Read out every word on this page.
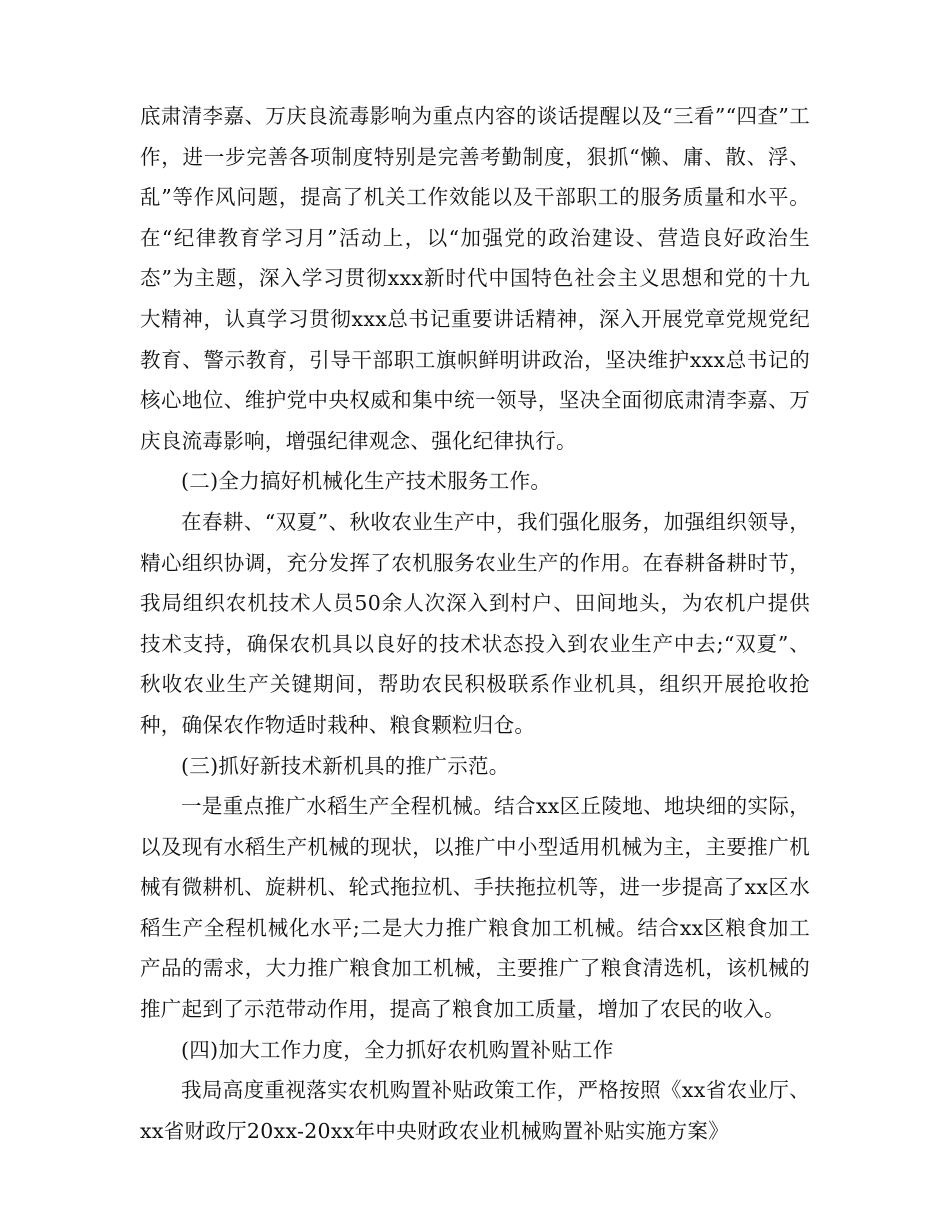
底肃清李嘉、万庆良流毒影响为重点内容的谈话提醒以及“三看”“四查”工作，进一步完善各项制度特别是完善考勤制度，狠抓“懒、庸、散、浮、乱”等作风问题，提高了机关工作效能以及干部职工的服务质量和水平。在“纪律教育学习月”活动上，以“加强党的政治建设、营造良好政治生态”为主题，深入学习贯彻xxx新时代中国特色社会主义思想和党的十九大精神，认真学习贯彻xxx总书记重要讲话精神，深入开展党章党规党纪教育、警示教育，引导干部职工旗帜鲜明讲政治，坚决维护xxx总书记的核心地位、维护党中央权威和集中统一领导，坚决全面彻底肃清李嘉、万庆良流毒影响，增强纪律观念、强化纪律执行。

(二)全力搞好机械化生产技术服务工作。

在春耕、“双夏”、秋收农业生产中，我们强化服务，加强组织领导，精心组织协调，充分发挥了农机服务农业生产的作用。在春耕备耕时节，我局组织农机技术人员50余人次深入到村户、田间地头，为农机户提供技术支持，确保农机具以良好的技术状态投入到农业生产中去;“双夏”、秋收农业生产关键期间，帮助农民积极联系作业机具，组织开展抢收抢种，确保农作物适时栽种、粮食颗粒归仓。

(三)抓好新技术新机具的推广示范。

一是重点推广水稻生产全程机械。结合xx区丘陵地、地块细的实际，以及现有水稻生产机械的现状，以推广中小型适用机械为主，主要推广机械有微耕机、旋耕机、轮式拖拉机、手扶拖拉机等，进一步提高了xx区水稻生产全程机械化水平;二是大力推广粮食加工机械。结合xx区粮食加工产品的需求，大力推广粮食加工机械，主要推广了粮食清选机，该机械的推广起到了示范带动作用，提高了粮食加工质量，增加了农民的收入。

(四)加大工作力度，全力抓好农机购置补贴工作

我局高度重视落实农机购置补贴政策工作，严格按照《xx省农业厅、xx省财政厅20xx-20xx年中央财政农业机械购置补贴实施方案》
